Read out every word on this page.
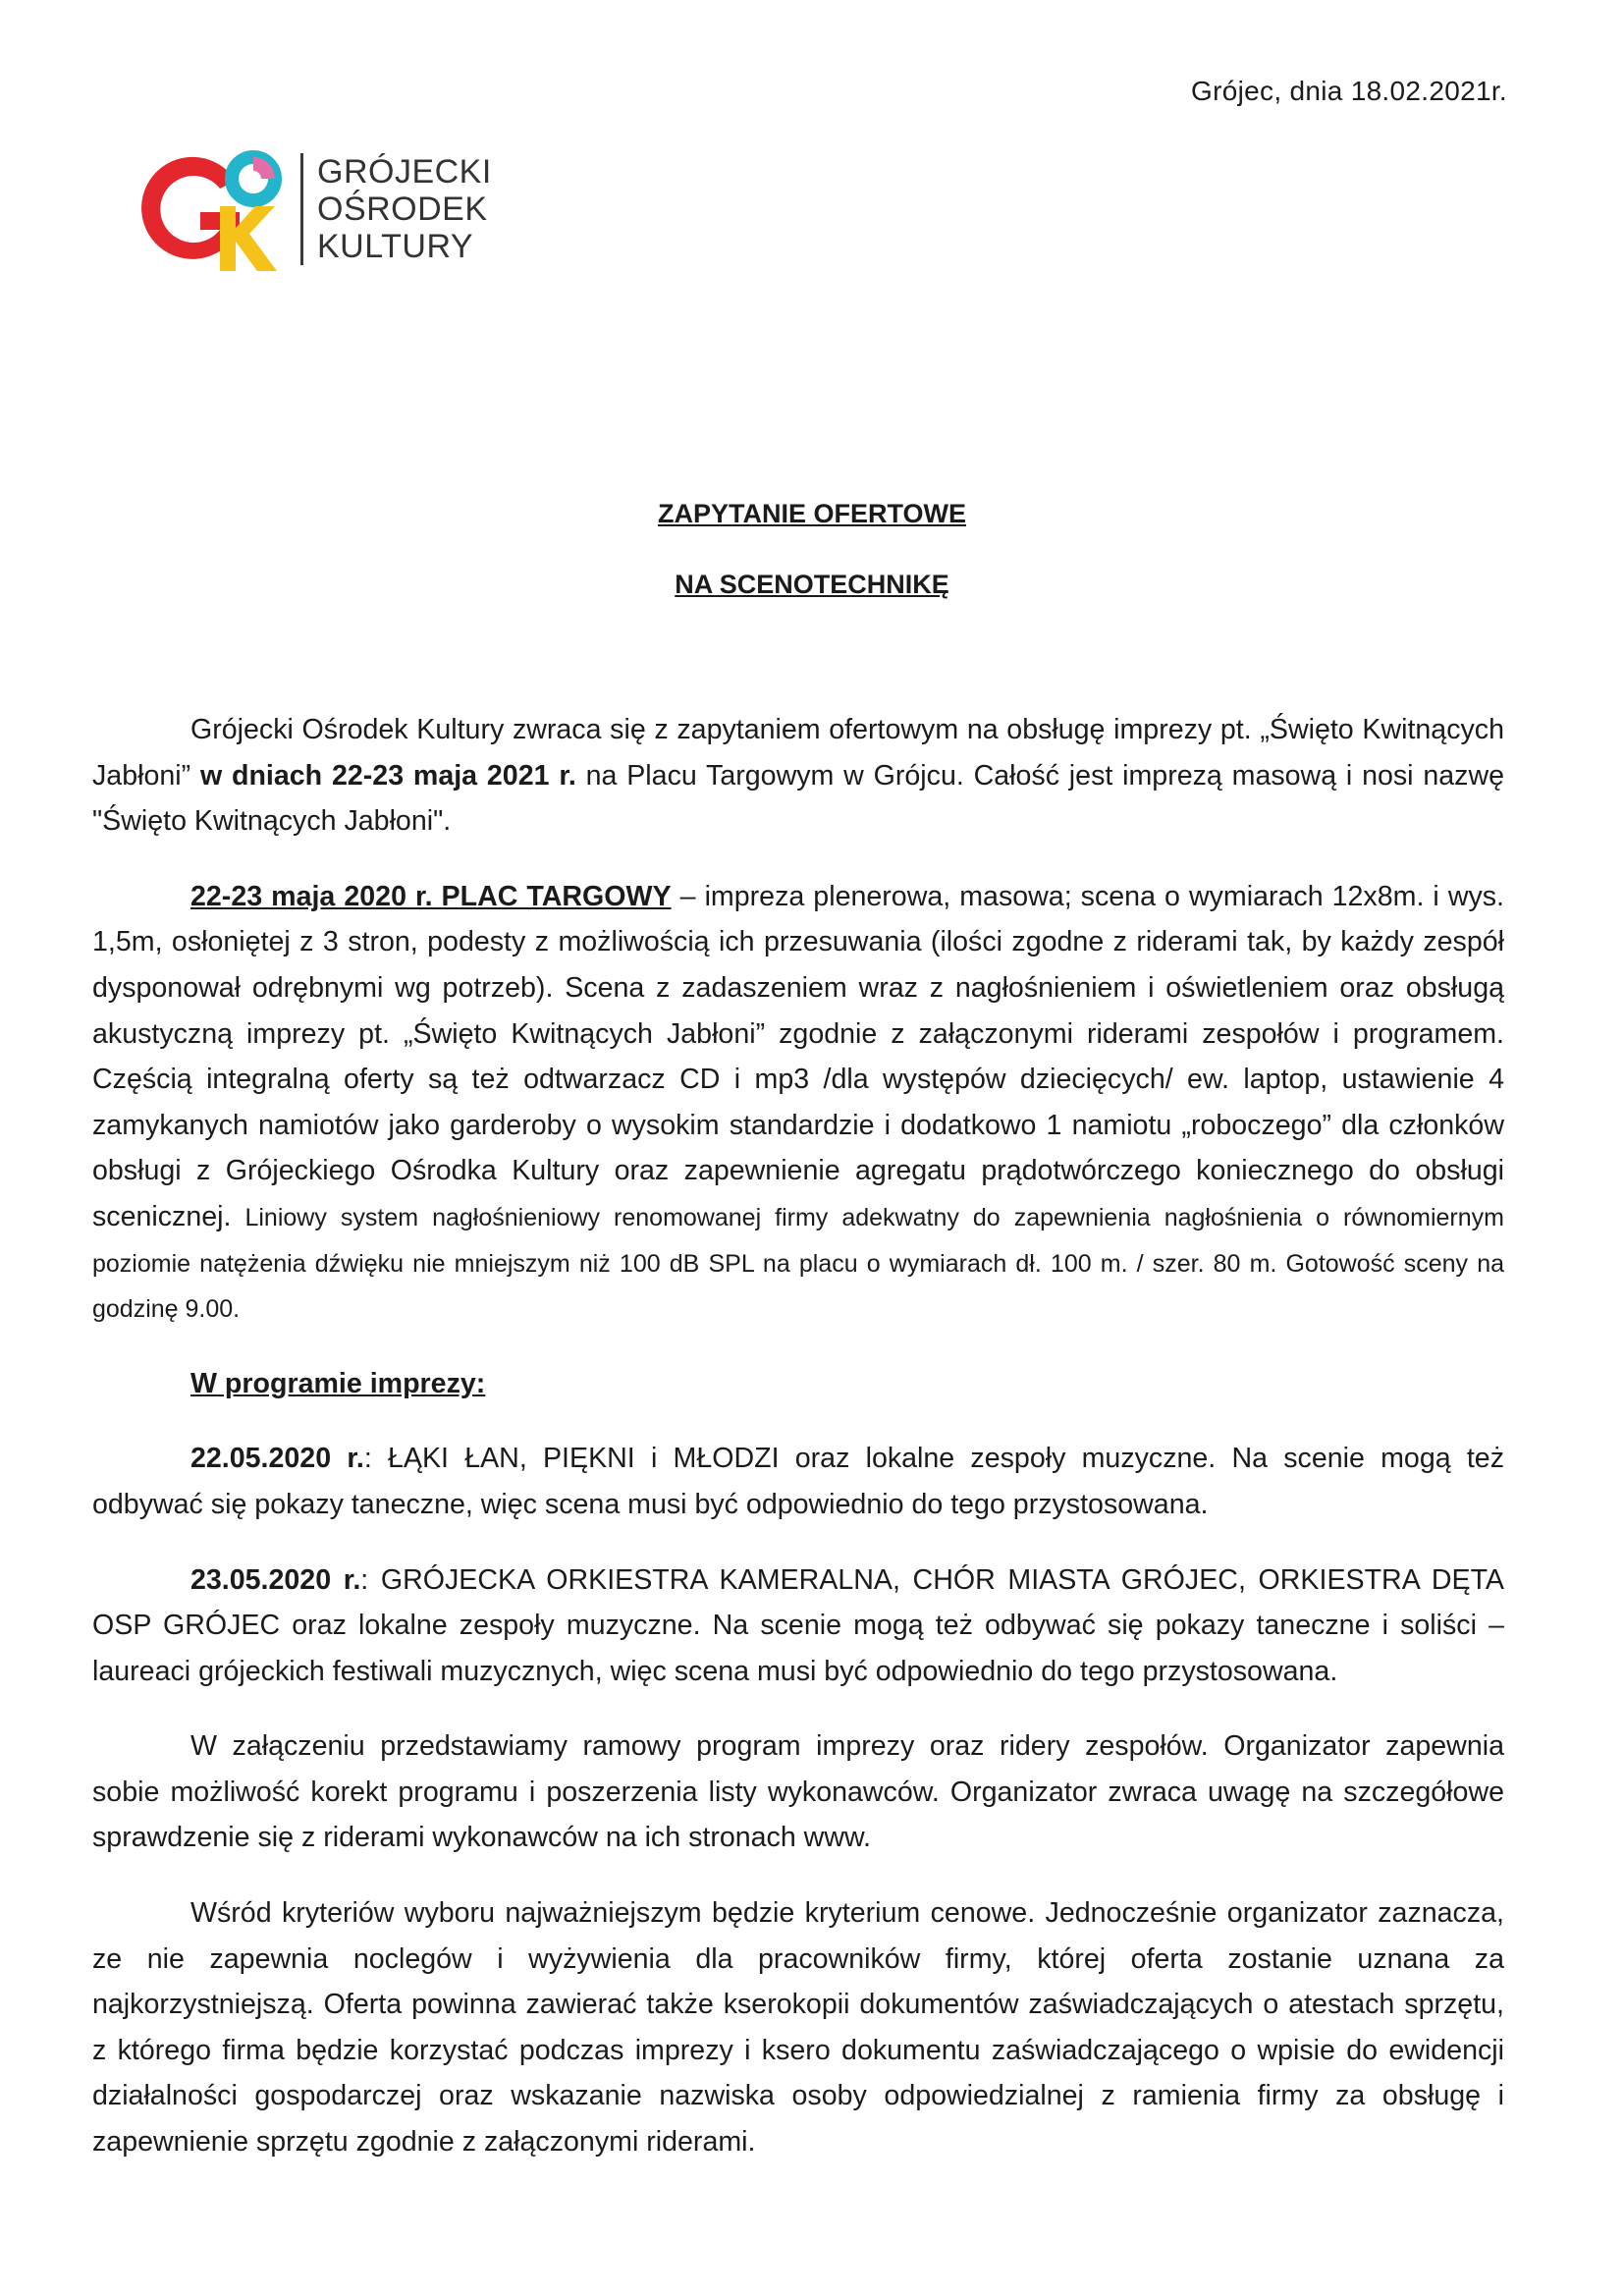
Grójec, dnia 18.02.2021r.
GRÓJECKI
OŚRODEK
KULTURY
ZAPYTANIE OFERTOWE
NA SCENOTECHNIKĘ

Grójecki Ośrodek Kultury zwraca się z zapytaniem ofertowym na obsługę imprezy pt. „Święto Kwitnących Jabłoni” w dniach 22-23 maja 2021 r. na Placu Targowym w Grójcu. Całość jest imprezą masową i nosi nazwę "Święto Kwitnących Jabłoni".

22-23 maja 2020 r. PLAC TARGOWY – impreza plenerowa, masowa; scena o wymiarach 12x8m. i wys. 1,5m, osłoniętej z 3 stron, podesty z możliwością ich przesuwania (ilości zgodne z riderami tak, by każdy zespół dysponował odrębnymi wg potrzeb). Scena z zadaszeniem wraz z nagłośnieniem i oświetleniem oraz obsługą akustyczną imprezy pt. „Święto Kwitnących Jabłoni” zgodnie z załączonymi riderami zespołów i programem. Częścią integralną oferty są też odtwarzacz CD i mp3 /dla występów dziecięcych/ ew. laptop, ustawienie 4 zamykanych namiotów jako garderoby o wysokim standardzie i dodatkowo 1 namiotu „roboczego” dla członków obsługi z Grójeckiego Ośrodka Kultury oraz zapewnienie agregatu prądotwórczego koniecznego do obsługi scenicznej. Liniowy system nagłośnieniowy renomowanej firmy adekwatny do zapewnienia nagłośnienia o równomiernym poziomie natężenia dźwięku nie mniejszym niż 100 dB SPL na placu o wymiarach dł. 100 m. / szer. 80 m. Gotowość sceny na godzinę 9.00.

W programie imprezy:

22.05.2020 r.: ŁĄKI ŁAN, PIĘKNI i MŁODZI oraz lokalne zespoły muzyczne. Na scenie mogą też odbywać się pokazy taneczne, więc scena musi być odpowiednio do tego przystosowana.

23.05.2020 r.: GRÓJECKA ORKIESTRA KAMERALNA, CHÓR MIASTA GRÓJEC, ORKIESTRA DĘTA OSP GRÓJEC oraz lokalne zespoły muzyczne. Na scenie mogą też odbywać się pokazy taneczne i soliści – laureaci grójeckich festiwali muzycznych, więc scena musi być odpowiednio do tego przystosowana.

W załączeniu przedstawiamy ramowy program imprezy oraz ridery zespołów. Organizator zapewnia sobie możliwość korekt programu i poszerzenia listy wykonawców. Organizator zwraca uwagę na szczegółowe sprawdzenie się z riderami wykonawców na ich stronach www.

Wśród kryteriów wyboru najważniejszym będzie kryterium cenowe. Jednocześnie organizator zaznacza, ze nie zapewnia noclegów i wyżywienia dla pracowników firmy, której oferta zostanie uznana za najkorzystniejszą. Oferta powinna zawierać także kserokopii dokumentów zaświadczających o atestach sprzętu, z którego firma będzie korzystać podczas imprezy i ksero dokumentu zaświadczającego o wpisie do ewidencji działalności gospodarczej oraz wskazanie nazwiska osoby odpowiedzialnej z ramienia firmy za obsługę i zapewnienie sprzętu zgodnie z załączonymi riderami.
